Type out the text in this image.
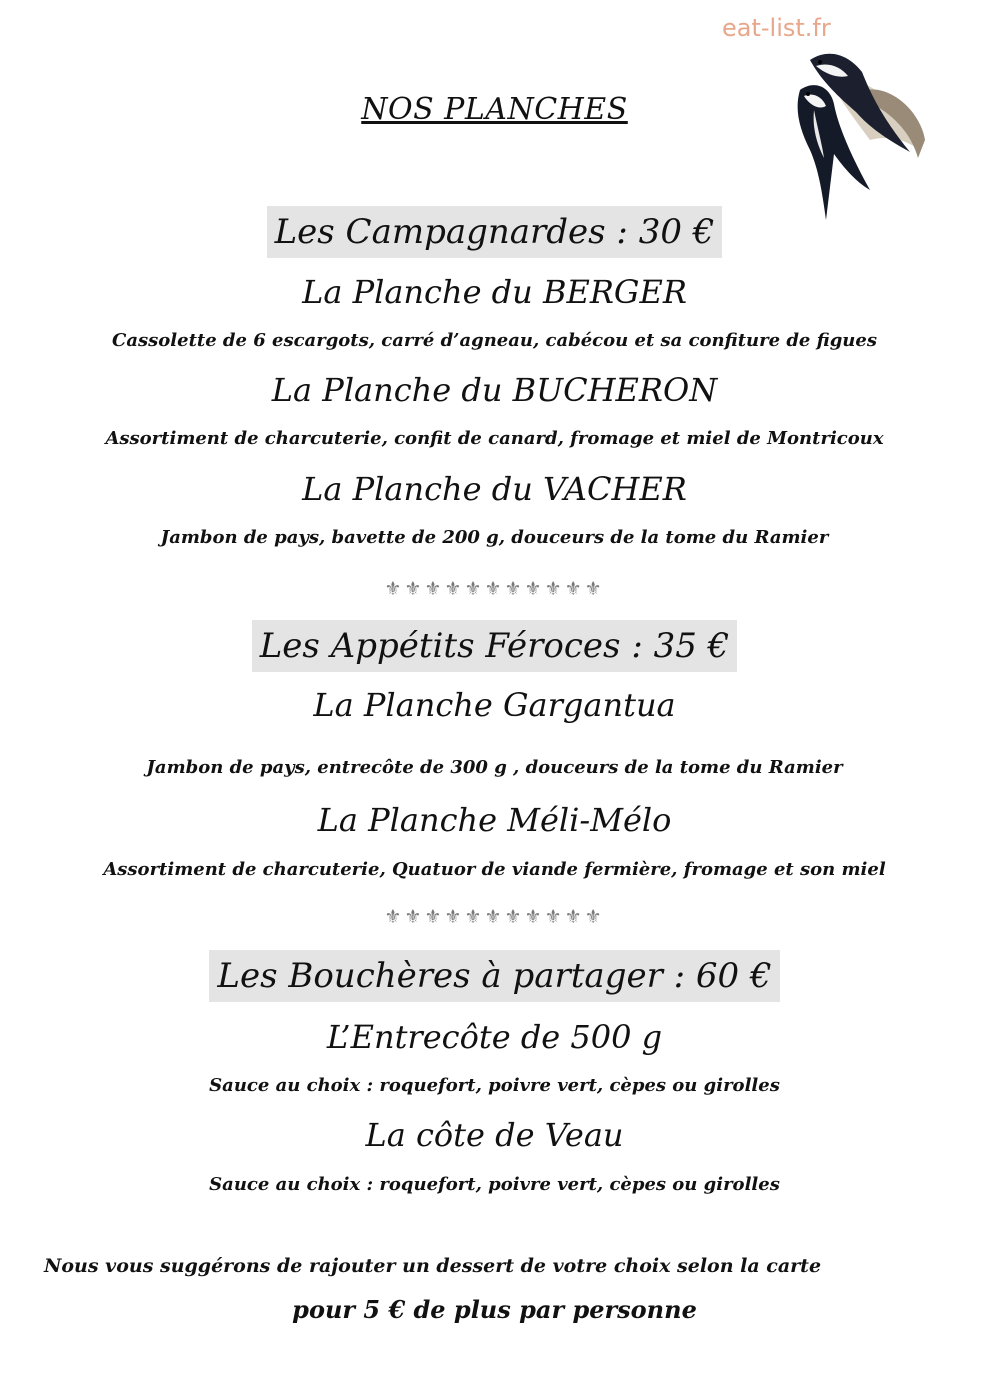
eat-list.fr
NOS PLANCHES
Les Campagnardes : 30 €
La Planche du BERGER
Cassolette de 6 escargots, carré d’agneau, cabécou et sa confiture de figues
La Planche du BUCHERON
Assortiment de charcuterie, confit de canard, fromage et miel de Montricoux
La Planche du VACHER
Jambon de pays, bavette de 200 g, douceurs de la tome du Ramier
⚜⚜⚜⚜⚜⚜⚜⚜⚜⚜⚜
Les Appétits Féroces : 35 €
La Planche Gargantua
Jambon de pays, entrecôte de 300 g , douceurs de la tome du Ramier
La Planche Méli-Mélo
Assortiment de charcuterie, Quatuor de viande fermière, fromage et son miel
⚜⚜⚜⚜⚜⚜⚜⚜⚜⚜⚜
Les Bouchères à partager : 60 €
L’Entrecôte de 500 g
Sauce au choix : roquefort, poivre vert, cèpes ou girolles
La côte de Veau
Sauce au choix : roquefort, poivre vert, cèpes ou girolles
Nous vous suggérons de rajouter un dessert de votre choix selon la carte
pour 5 € de plus par personne
